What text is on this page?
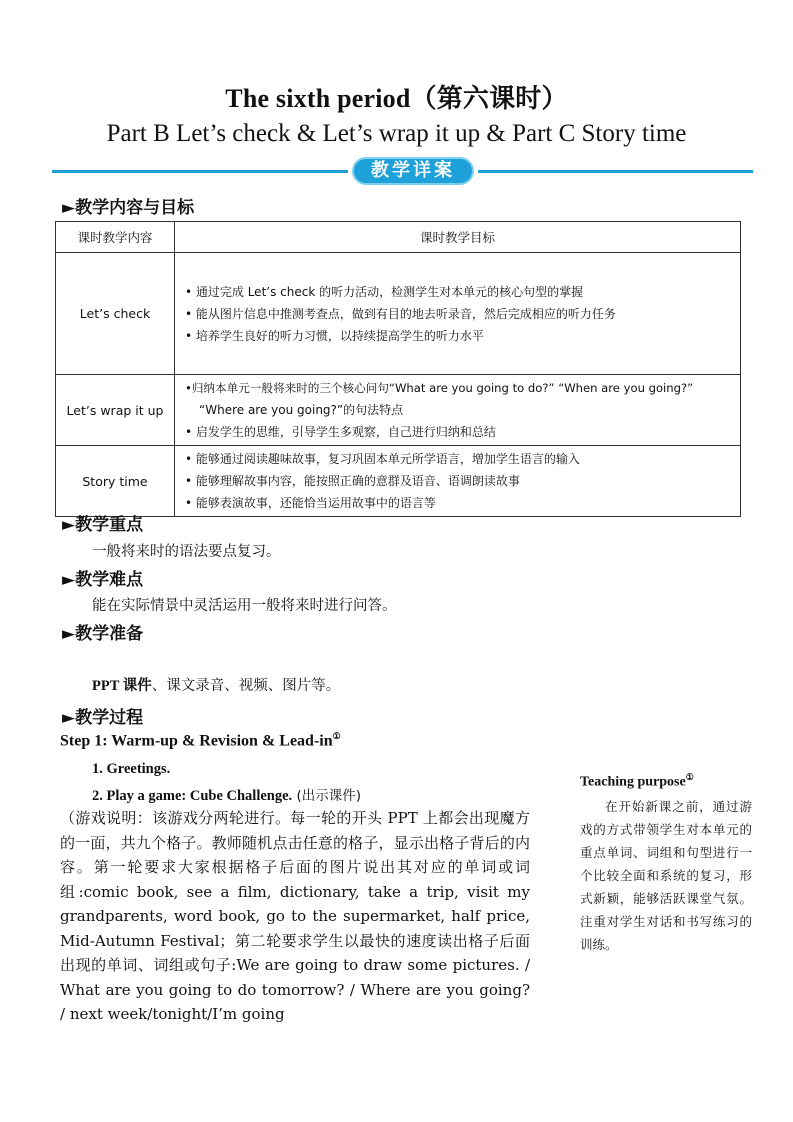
The sixth period（第六课时）
Part B Let’s check & Let’s wrap it up & Part C Story time
教学详案
►教学内容与目标
课时教学内容	课时教学目标
Let’s check	• 通过完成 Let’s check 的听力活动，检测学生对本单元的核心句型的掌握
• 能从图片信息中推测考查点，做到有目的地去听录音，然后完成相应的听力任务
• 培养学生良好的听力习惯，以持续提高学生的听力水平

Let’s wrap it up	•归纳本单元一般将来时的三个核心问句“What are you going to do?” “When are you going?”
“Where are you going?”的句法特点
• 启发学生的思维，引导学生多观察，自己进行归纳和总结

Story time	• 能够通过阅读趣味故事，复习巩固本单元所学语言，增加学生语言的输入
• 能够理解故事内容，能按照正确的意群及语音、语调朗读故事
• 能够表演故事，还能恰当运用故事中的语言等
►教学重点
一般将来时的语法要点复习。
►教学难点
能在实际情景中灵活运用一般将来时进行问答。
►教学准备
PPT 课件、课文录音、视频、图片等。
►教学过程
Step 1: Warm-up & Revision & Lead-in①
1. Greetings.
2. Play a game: Cube Challenge. (出示课件)
（游戏说明：该游戏分两轮进行。每一轮的开头 PPT 上都会出现魔方的一面，共九个格子。教师随机点击任意的格子，显示出格子背后的内容。第一轮要求大家根据格子后面的图片说出其对应的单词或词组:comic book, see a film, dictionary, take a trip, visit my grandparents, word book, go to the supermarket, half price, Mid-Autumn Festival；第二轮要求学生以最快的速度读出格子后面出现的单词、词组或句子:We are going to draw some pictures. / What are you going to do tomorrow? / Where are you going? / next week/tonight/I’m going
Teaching purpose①
在开始新课之前，通过游戏的方式带领学生对本单元的重点单词、词组和句型进行一个比较全面和系统的复习，形式新颖，能够活跃课堂气氛。注重对学生对话和书写练习的训练。
